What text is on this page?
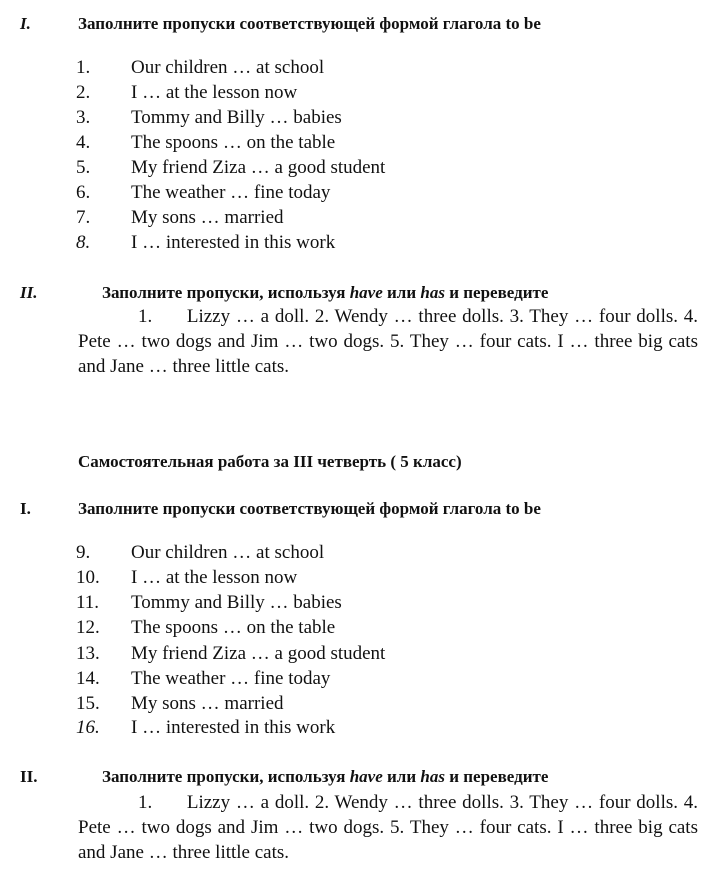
I.	Заполните пропуски соответствующей формой глагола to be
1.	Our children … at school
2.	I … at the lesson now
3.	Tommy and Billy … babies
4.	The spoons … on the table
5.	My friend Ziza … a good student
6.	The weather … fine today
7.	My sons … married
8.	I … interested in this work
II.	Заполните пропуски, используя have или has и переведите
1. Lizzy … a doll. 2. Wendy … three dolls. 3. They … four dolls. 4. Pete … two dogs and Jim … two dogs. 5. They … four cats. I … three big cats and Jane … three little cats.
Самостоятельная работа за III четверть ( 5 класс)
I.	Заполните пропуски соответствующей формой глагола to be
9.	Our children … at school
10.	I … at the lesson now
11.	Tommy and Billy … babies
12.	The spoons … on the table
13.	My friend Ziza … a good student
14.	The weather … fine today
15.	My sons … married
16.	I … interested in this work
II.	Заполните пропуски, используя have или has и переведите
1. Lizzy … a doll. 2. Wendy … three dolls. 3. They … four dolls. 4. Pete … two dogs and Jim … two dogs. 5. They … four cats. I … three big cats and Jane … three little cats.
